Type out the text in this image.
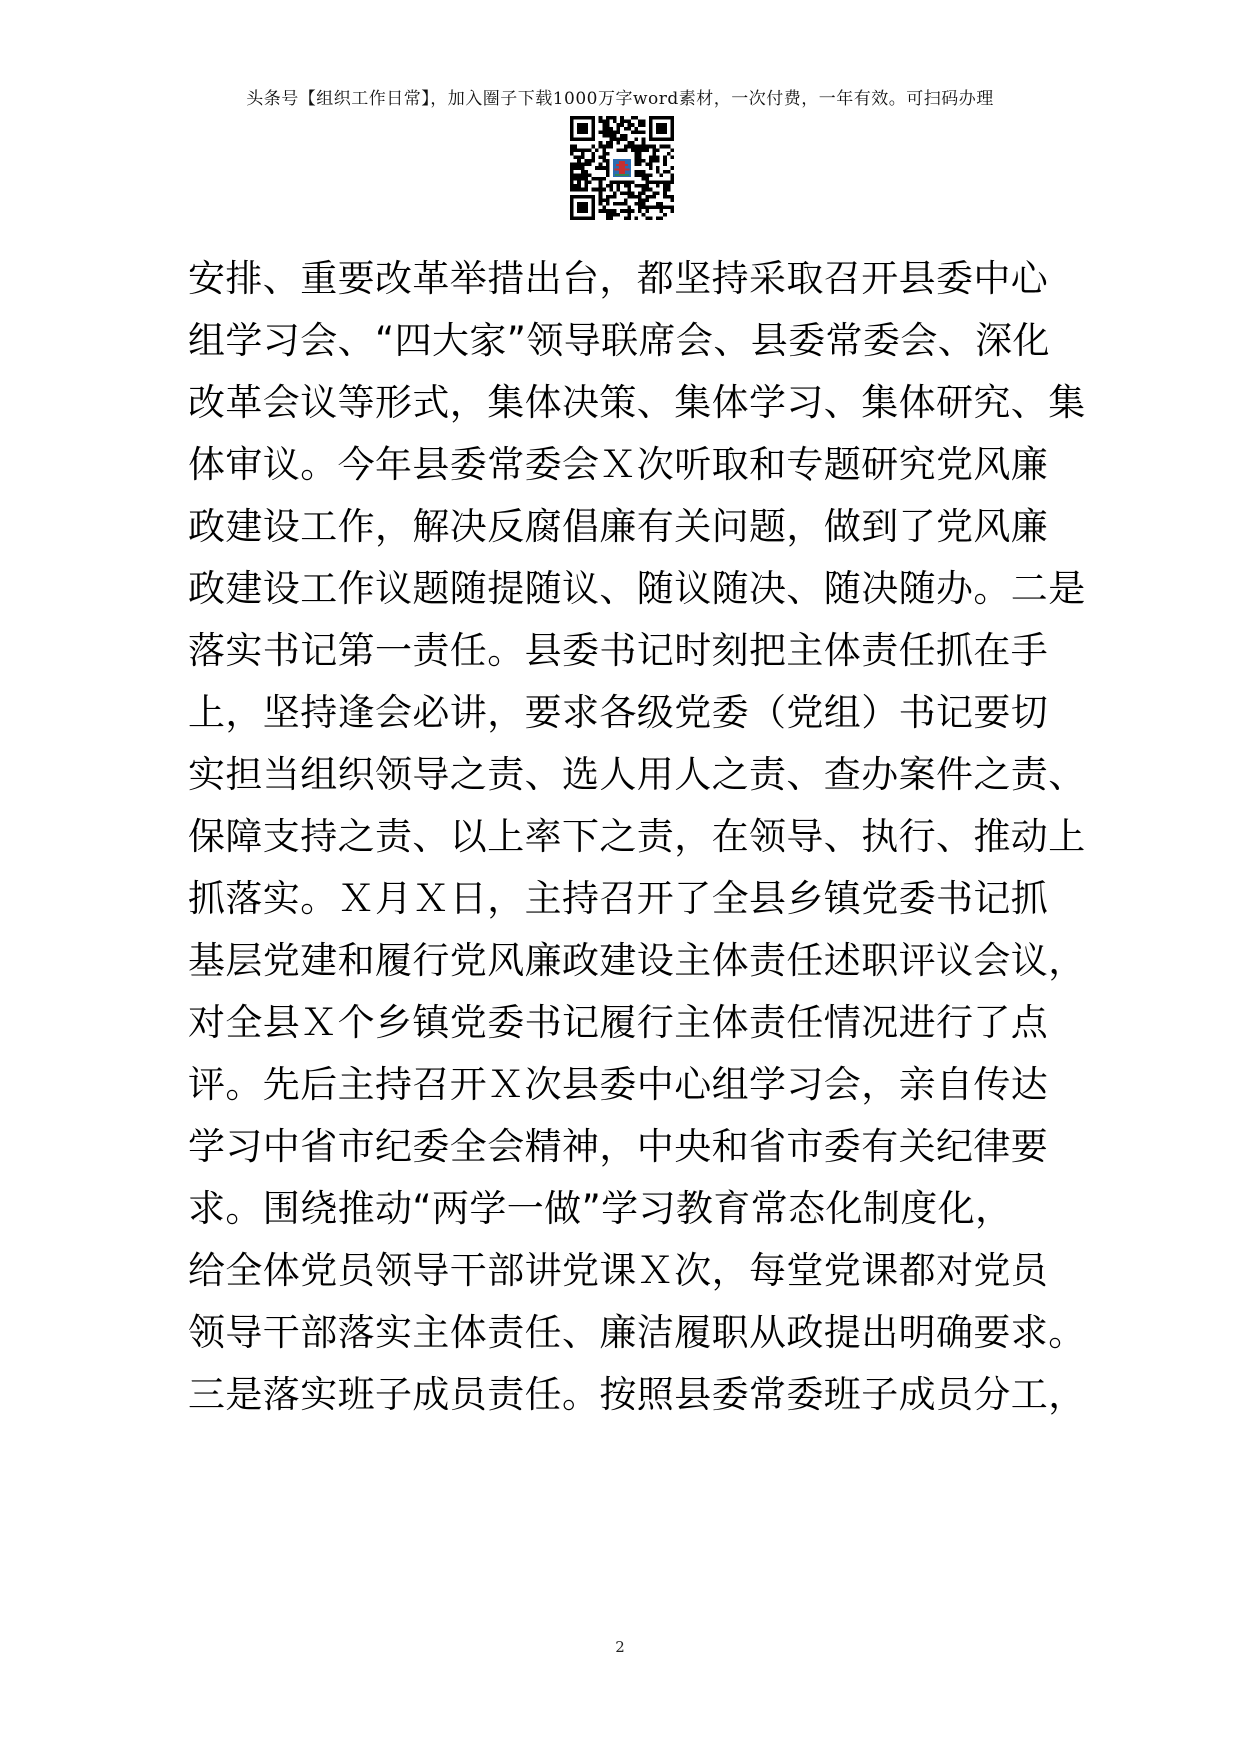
头条号【组织工作日常】，加入圈子下载1000万字word素材，一次付费，一年有效。可扫码办理
安排、重要改革举措出台，都坚持采取召开县委中心
组学习会、“四大家”领导联席会、县委常委会、深化
改革会议等形式，集体决策、集体学习、集体研究、集
体审议。今年县委常委会Ｘ次听取和专题研究党风廉
政建设工作，解决反腐倡廉有关问题，做到了党风廉
政建设工作议题随提随议、随议随决、随决随办。二是
落实书记第一责任。县委书记时刻把主体责任抓在手
上，坚持逢会必讲，要求各级党委（党组）书记要切
实担当组织领导之责、选人用人之责、查办案件之责、
保障支持之责、以上率下之责，在领导、执行、推动上
抓落实。Ｘ月Ｘ日，主持召开了全县乡镇党委书记抓
基层党建和履行党风廉政建设主体责任述职评议会议，
对全县Ｘ个乡镇党委书记履行主体责任情况进行了点
评。先后主持召开Ｘ次县委中心组学习会，亲自传达
学习中省市纪委全会精神，中央和省市委有关纪律要
求。围绕推动“两学一做”学习教育常态化制度化，
给全体党员领导干部讲党课Ｘ次，每堂党课都对党员
领导干部落实主体责任、廉洁履职从政提出明确要求。
三是落实班子成员责任。按照县委常委班子成员分工，
2
